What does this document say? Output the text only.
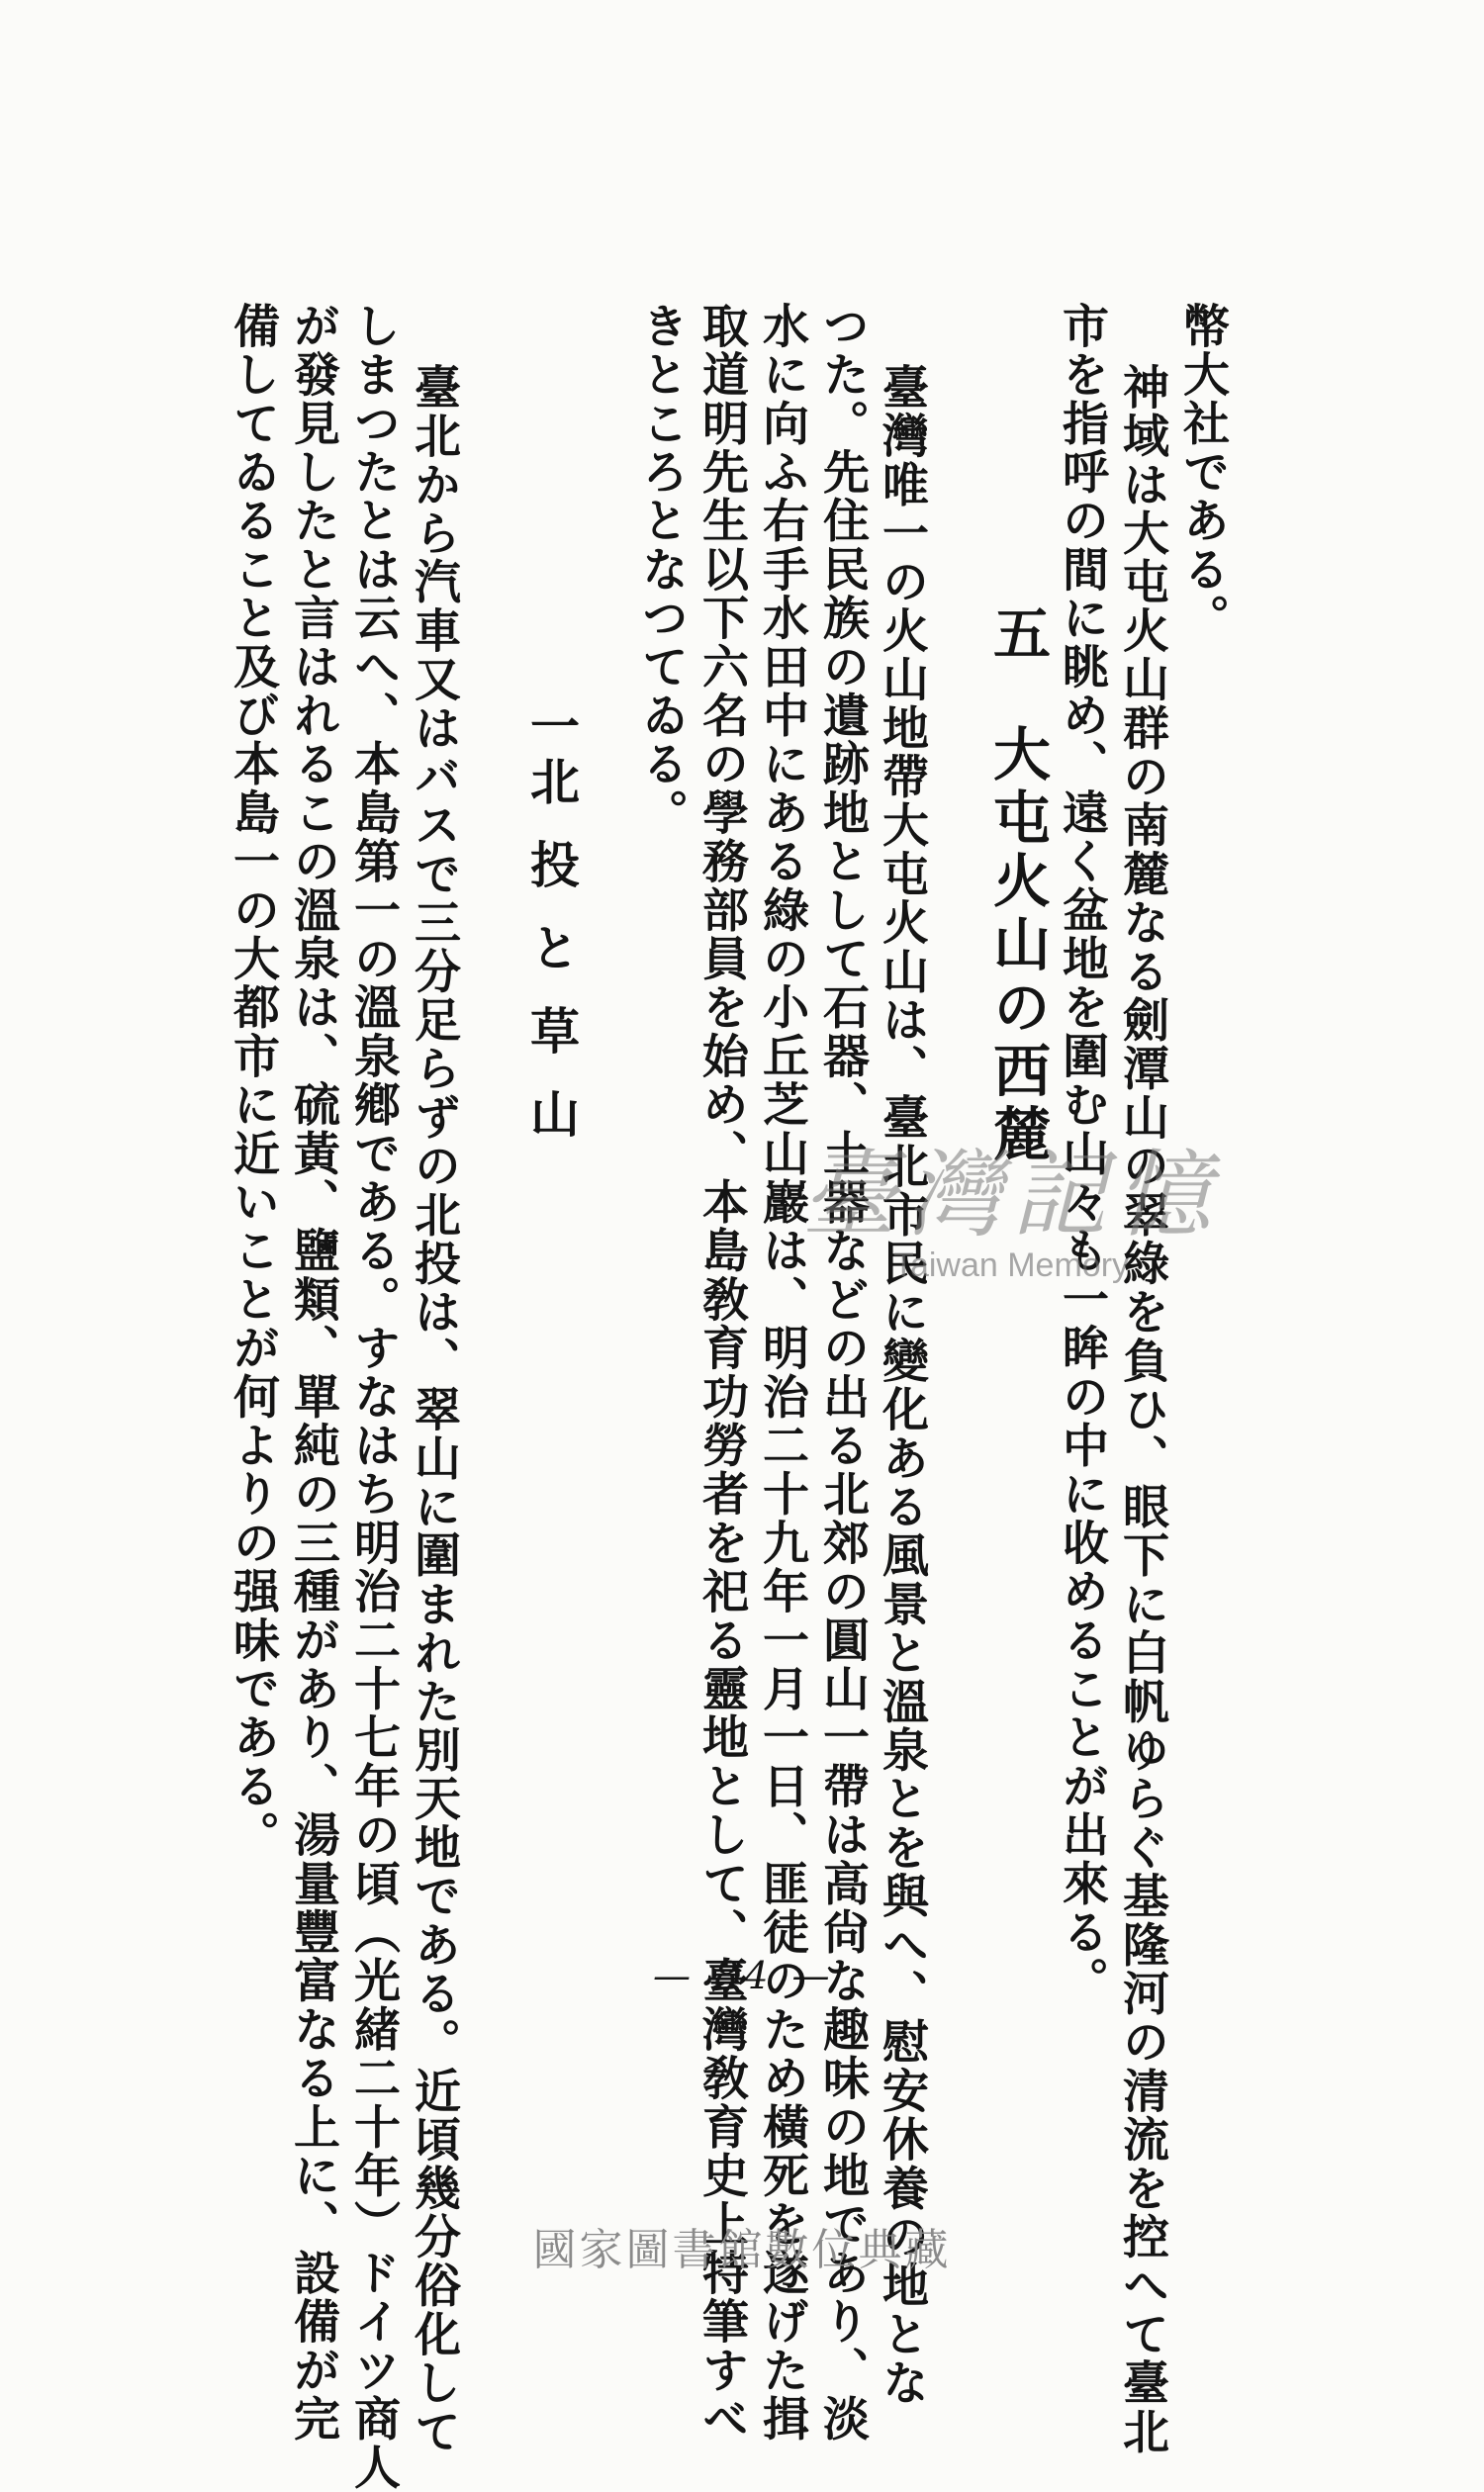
幣大社である。
神域は大屯火山群の南麓なる劍潭山の翠綠を負ひ、眼下に白帆ゆらぐ基隆河の清流を控へて臺北
市を指呼の間に眺め、遠く盆地を圍む山々も一眸の中に收めることが出來る。
五大屯火山の西麓
臺灣唯一の火山地帶大屯火山は、臺北市民に變化ある風景と溫泉とを與へ、慰安休養の地とな
つた。先住民族の遺跡地として石器、土器などの出る北郊の圓山一帶は高尙な趣味の地であり、淡
水に向ふ右手水田中にある綠の小丘芝山巖は、明治二十九年一月一日、匪徒のため橫死を遂げた揖
取道明先生以下六名の學務部員を始め、本島敎育功勞者を祀る靈地として、臺灣敎育史上特筆すべ
きところとなつてゐる。
一北投と草山
臺北から汽車又はバスで三分足らずの北投は、翠山に圍まれた別天地である。近頃幾分俗化して
しまつたとは云へ、本島第一の溫泉鄕である。すなはち明治二十七年の頃（光緒二十年）ドイツ商人
が發見したと言はれるこの溫泉は、硫黃、鹽類、單純の三種があり、湯量豐富なる上に、設備が完
備してゐること及び本島一の大都市に近いことが何よりの强味である。
— 84 —
臺灣記憶
Taiwan Memory
國家圖書館數位典藏
